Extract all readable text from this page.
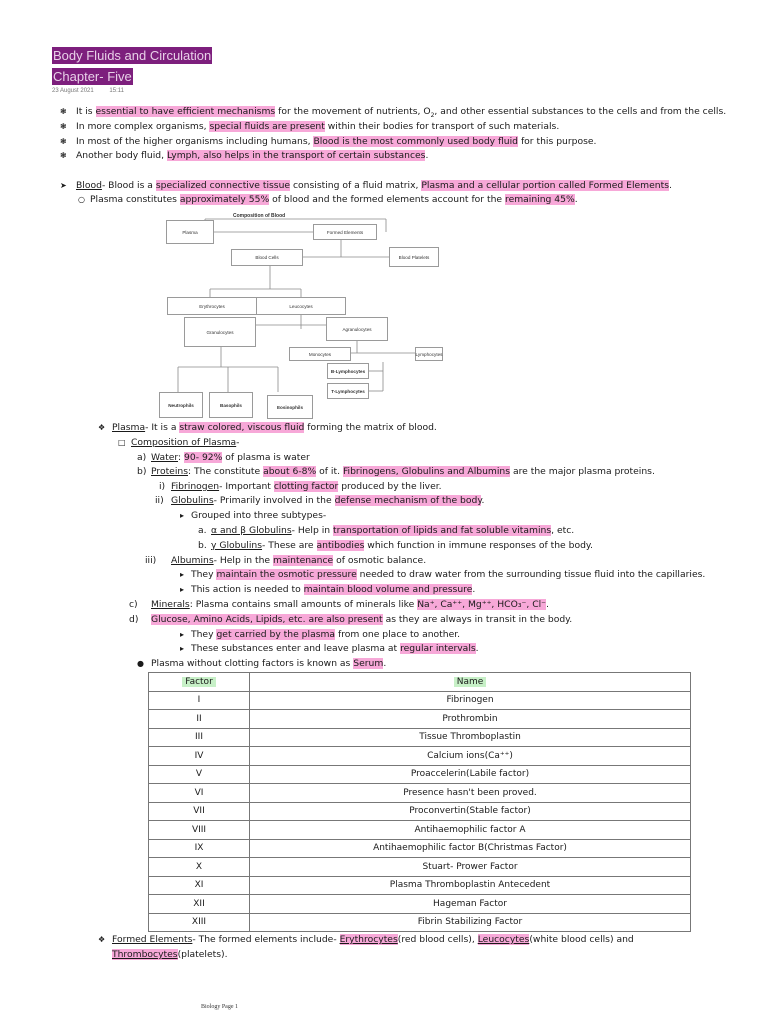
Body Fluids and Circulation
Chapter- Five
23 August 2021	15:11
❃ It is essential to have efficient mechanisms for the movement of nutrients, $O_2$, and other essential substances to the cells and from the cells.
❃ In more complex organisms, special fluids are present within their bodies for transport of such materials.
❃ In most of the higher organisms including humans, Blood is the most commonly used body fluid for this purpose.
❃ Another body fluid, Lymph, also helps in the transport of certain substances.
➤ Blood- Blood is a specialized connective tissue consisting of a fluid matrix, Plasma and a cellular portion called Formed Elements.
○ Plasma constitutes approximately 55% of blood and the formed elements account for the remaining 45%.
Composition of Blood
Plasma	Formed Elements
Blood Cells	Blood Platelets
Erythrocytes	Leucocytes
Granulocytes
Agranulocytes
Monocytes	Lymphocytes
B-Lymphocytes
T-Lymphocytes
Neutrophils	Basophils	Eosinophils
❖ Plasma- It is a straw colored, viscous fluid forming the matrix of blood.
□ Composition of Plasma-
a) Water: 90- 92% of plasma is water
b) Proteins: The constitute about 6-8% of it. Fibrinogens, Globulins and Albumins are the major plasma proteins.
i) Fibrinogen- Important clotting factor produced by the liver.
ii) Globulins- Primarily involved in the defense mechanism of the body.
▸ Grouped into three subtypes-
a. α and β Globulins- Help in transportation of lipids and fat soluble vitamins, etc.
b. γ Globulins- These are antibodies which function in immune responses of the body.
iii) Albumins- Help in the maintenance of osmotic balance.
▸ They maintain the osmotic pressure needed to draw water from the surrounding tissue fluid into the capillaries.
▸ This action is needed to maintain blood volume and pressure.
c) Minerals: Plasma contains small amounts of minerals like Na⁺, Ca⁺⁺, Mg⁺⁺, HCO₃⁻, Cl⁻.
d) Glucose, Amino Acids, Lipids, etc. are also present as they are always in transit in the body.
▸ They get carried by the plasma from one place to another.
▸ These substances enter and leave plasma at regular intervals.
● Plasma without clotting factors is known as Serum.
Factor	Name
I	Fibrinogen
II	Prothrombin
III	Tissue Thromboplastin
IV	Calcium ions(Ca⁺⁺)
V	Proaccelerin(Labile factor)
VI	Presence hasn't been proved.
VII	Proconvertin(Stable factor)
VIII	Antihaemophilic factor A
IX	Antihaemophilic factor B(Christmas Factor)
X	Stuart- Prower Factor
XI	Plasma Thromboplastin Antecedent
XII	Hageman Factor
XIII	Fibrin Stabilizing Factor
❖ Formed Elements- The formed elements include- Erythrocytes(red blood cells), Leucocytes(white blood cells) and
Thrombocytes(platelets).
Biology Page 1
